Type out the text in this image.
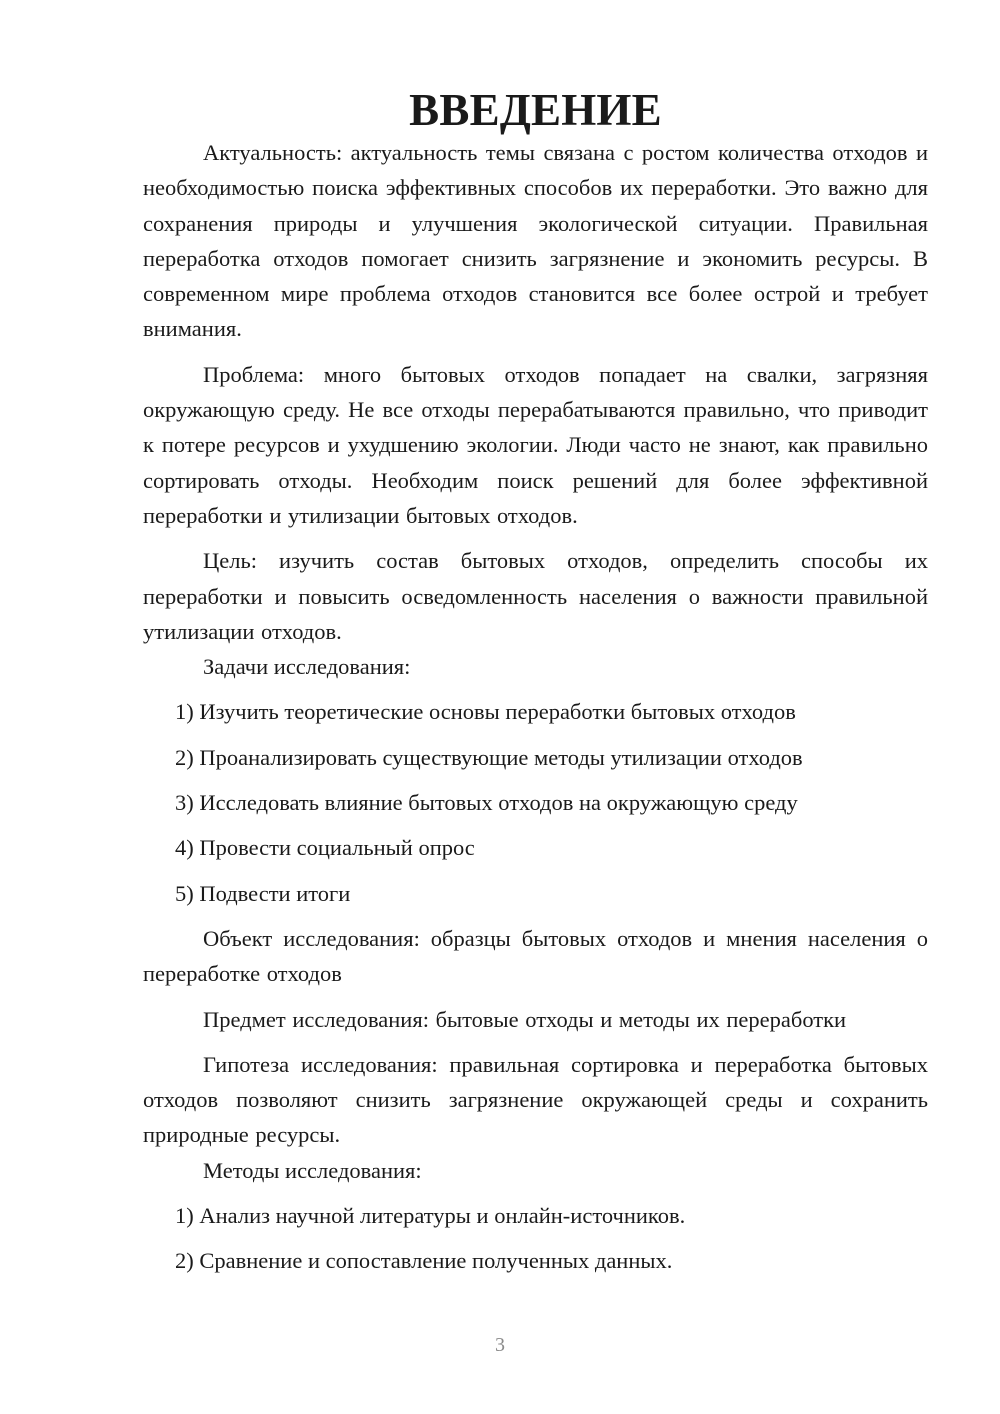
ВВЕДЕНИЕ

Актуальность: актуальность темы связана с ростом количества отходов и необходимостью поиска эффективных способов их переработки. Это важно для сохранения природы и улучшения экологической ситуации. Правильная переработка отходов помогает снизить загрязнение и экономить ресурсы. В современном мире проблема отходов становится все более острой и требует внимания.

Проблема: много бытовых отходов попадает на свалки, загрязняя окружающую среду. Не все отходы перерабатываются правильно, что приводит к потере ресурсов и ухудшению экологии. Люди часто не знают, как правильно сортировать отходы. Необходим поиск решений для более эффективной переработки и утилизации бытовых отходов.

Цель: изучить состав бытовых отходов, определить способы их переработки и повысить осведомленность населения о важности правильной утилизации отходов.

Задачи исследования:

1) Изучить теоретические основы переработки бытовых отходов
2) Проанализировать существующие методы утилизации отходов
3) Исследовать влияние бытовых отходов на окружающую среду
4) Провести социальный опрос
5) Подвести итоги

Объект исследования: образцы бытовых отходов и мнения населения о переработке отходов

Предмет исследования: бытовые отходы и методы их переработки

Гипотеза исследования: правильная сортировка и переработка бытовых отходов позволяют снизить загрязнение окружающей среды и сохранить природные ресурсы.

Методы исследования:

1) Анализ научной литературы и онлайн-источников.
2) Сравнение и сопоставление полученных данных.
3
